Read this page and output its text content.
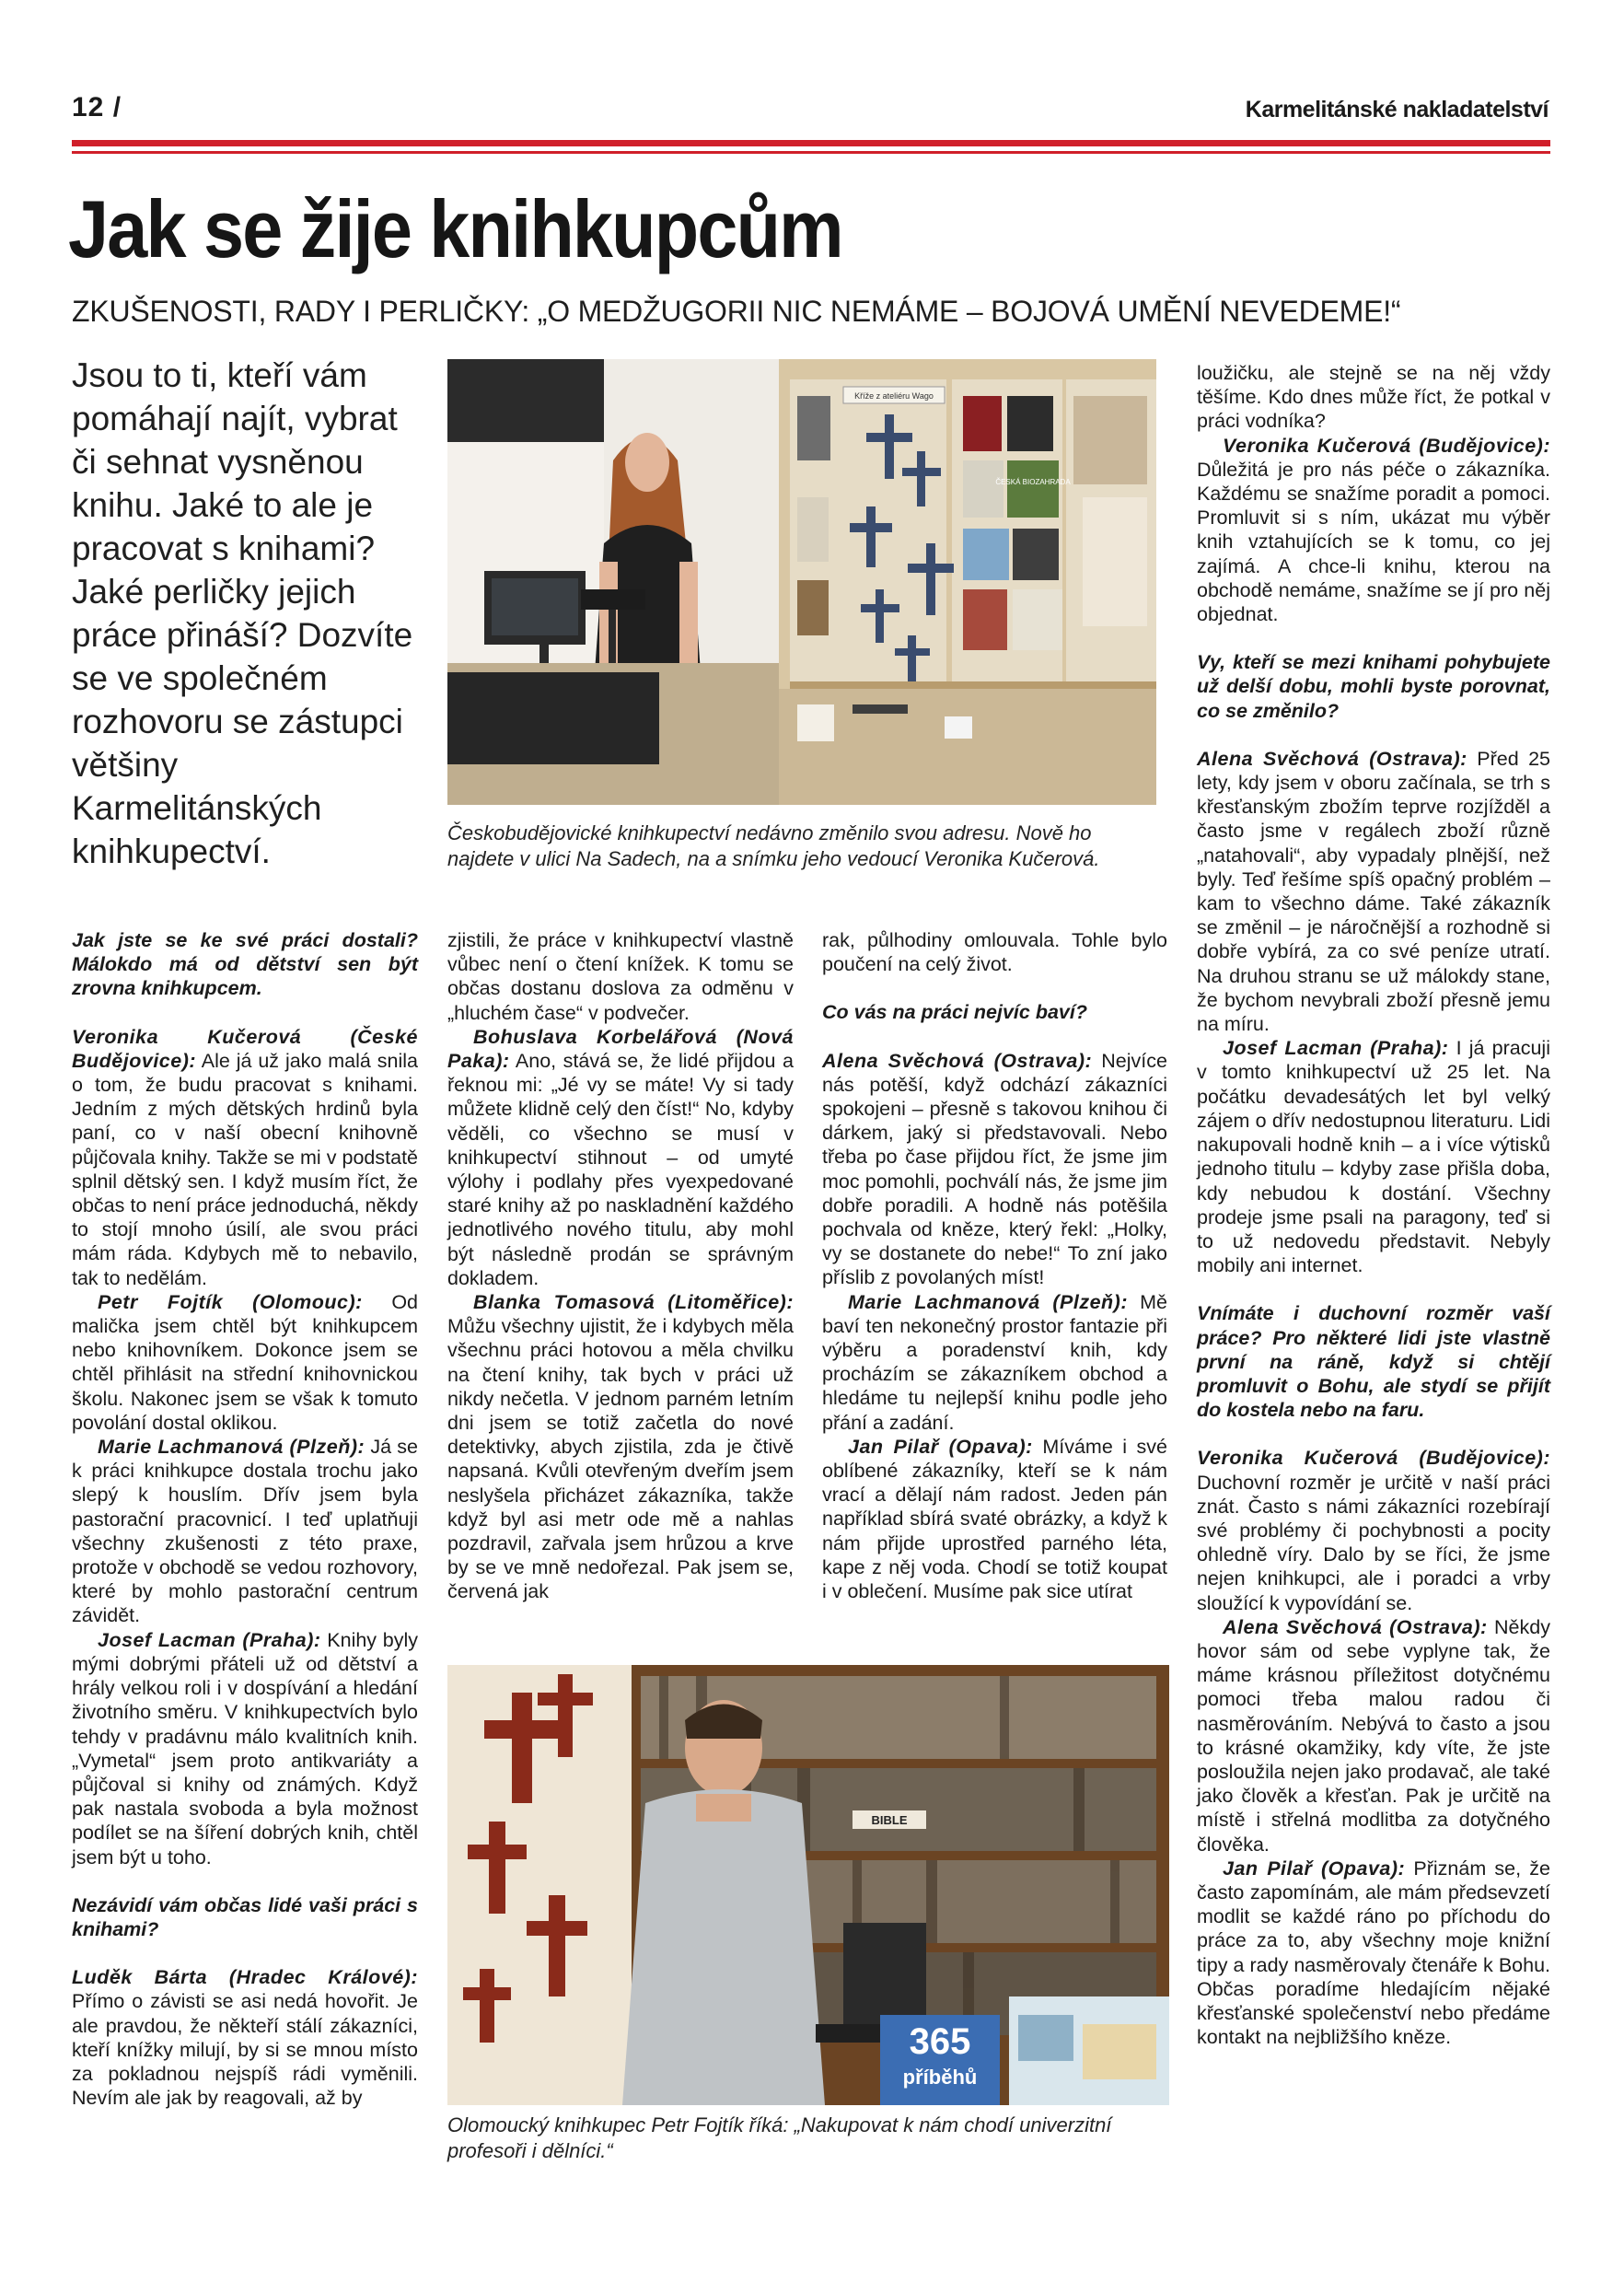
12 /	Karmelitánské nakladatelství
Jak se žije knihkupcům
ZKUŠENOSTI, RADY I PERLIČKY: „O MEDŽUGORII NIC NEMÁME – BOJOVÁ UMĚNÍ NEVEDEME!“
Jsou to ti, kteří vám pomáhají najít, vybrat či sehnat vysněnou knihu. Jaké to ale je pracovat s knihami? Jaké perličky jejich práce přináší? Dozvíte se ve společném rozhovoru se zástupci většiny Karmelitánských knihkupectví.
Kříže z ateliéru Wago
ČESKÁ BIOZAHRADA
Českobudějovické knihkupectví nedávno změnilo svou adresu. Nově ho najdete v ulici Na Sadech, na a snímku jeho vedoucí Veronika Kučerová.

Jak jste se ke své práci dostali? Málokdo má od dětství sen být zrovna knihkupcem.

Veronika Kučerová (České Budějovice): Ale já už jako malá snila o tom, že budu pracovat s knihami. Jedním z mých dětských hrdinů byla paní, co v naší obecní knihovně půjčovala knihy. Takže se mi v podstatě splnil dětský sen. I když musím říct, že občas to není práce jednoduchá, někdy to stojí mnoho úsilí, ale svou práci mám ráda. Kdybych mě to nebavilo, tak to nedělám.

Petr Fojtík (Olomouc): Od malička jsem chtěl být knihkupcem nebo knihovníkem. Dokonce jsem se chtěl přihlásit na střední knihovnickou školu. Nakonec jsem se však k tomuto povolání dostal oklikou.

Marie Lachmanová (Plzeň): Já se k práci knihkupce dostala trochu jako slepý k houslím. Dřív jsem byla pastorační pracovnicí. I teď uplatňuji všechny zkušenosti z této praxe, protože v obchodě se vedou rozhovory, které by mohlo pastorační centrum závidět.

Josef Lacman (Praha): Knihy byly mými dobrými přáteli už od dětství a hrály velkou roli i v dospívání a hledání životního směru. V knihkupectvích bylo tehdy v pradávnu málo kvalitních knih. „Vymetal“ jsem proto antikvariáty a půjčoval si knihy od známých. Když pak nastala svoboda a byla možnost podílet se na šíření dobrých knih, chtěl jsem být u toho.

Nezávidí vám občas lidé vaši práci s knihami?

Luděk Bárta (Hradec Králové): Přímo o závisti se asi nedá hovořit. Je ale pravdou, že někteří stálí zákazníci, kteří knížky milují, by si se mnou místo za pokladnou nejspíš rádi vyměnili. Nevím ale jak by reagovali, až by

zjistili, že práce v knihkupectví vlastně vůbec není o čtení knížek. K tomu se občas dostanu doslova za odměnu v „hluchém čase“ v podvečer.

Bohuslava Korbelářová (Nová Paka): Ano, stává se, že lidé přijdou a řeknou mi: „Jé vy se máte! Vy si tady můžete klidně celý den číst!“ No, kdyby věděli, co všechno se musí v knihkupectví stihnout – od umyté výlohy i podlahy přes vyexpedované staré knihy až po naskladnění každého jednotlivého nového titulu, aby mohl být následně prodán se správným dokladem.

Blanka Tomasová (Litoměřice): Můžu všechny ujistit, že i kdybych měla všechnu práci hotovou a měla chvilku na čtení knihy, tak bych v práci už nikdy nečetla. V jednom parném letním dni jsem se totiž začetla do nové detektivky, abych zjistila, zda je čtivě napsaná. Kvůli otevřeným dveřím jsem neslyšela přicházet zákazníka, takže když byl asi metr ode mě a nahlas pozdravil, zařvala jsem hrůzou a krve by se ve mně nedořezal. Pak jsem se, červená jak

rak, půlhodiny omlouvala. Tohle bylo poučení na celý život.

Co vás na práci nejvíc baví?

Alena Svěchová (Ostrava): Nejvíce nás potěší, když odchází zákazníci spokojeni – přesně s takovou knihou či dárkem, jaký si představovali. Nebo třeba po čase přijdou říct, že jsme jim moc pomohli, pochválí nás, že jsme jim dobře poradili. A hodně nás potěšila pochvala od kněze, který řekl: „Holky, vy se dostanete do nebe!“ To zní jako příslib z povolaných míst!

Marie Lachmanová (Plzeň): Mě baví ten nekonečný prostor fantazie při výběru a poradenství knih, kdy procházím se zákazníkem obchod a hledáme tu nejlepší knihu podle jeho přání a zadání.

Jan Pilař (Opava): Míváme i své oblíbené zákazníky, kteří se k nám vrací a dělají nám radost. Jeden pán například sbírá svaté obrázky, a když k nám přijde uprostřed parného léta, kape z něj voda. Chodí se totiž koupat i v oblečení. Musíme pak sice utírat

loužičku, ale stejně se na něj vždy těšíme. Kdo dnes může říct, že potkal v práci vodníka?

Veronika Kučerová (Budějovice): Důležitá je pro nás péče o zákazníka. Každému se snažíme poradit a pomoci. Promluvit si s ním, ukázat mu výběr knih vztahujících se k tomu, co jej zajímá. A chce-li knihu, kterou na obchodě nemáme, snažíme se jí pro něj objednat.

Vy, kteří se mezi knihami pohybujete už delší dobu, mohli byste porovnat, co se změnilo?

Alena Svěchová (Ostrava): Před 25 lety, kdy jsem v oboru začínala, se trh s křesťanským zbožím teprve rozjížděl a často jsme v regálech zboží různě „natahovali“, aby vypadaly plnější, než byly. Teď řešíme spíš opačný problém – kam to všechno dáme. Také zákazník se změnil – je náročnější a rozhodně si dobře vybírá, za co své peníze utratí. Na druhou stranu se už málokdy stane, že bychom nevybrali zboží přesně jemu na míru.

Josef Lacman (Praha): I já pracuji v tomto knihkupectví už 25 let. Na počátku devadesátých let byl velký zájem o dřív nedostupnou literaturu. Lidi nakupovali hodně knih – a i více výtisků jednoho titulu – kdyby zase přišla doba, kdy nebudou k dostání. Všechny prodeje jsme psali na paragony, teď si to už nedovedu představit. Nebyly mobily ani internet.

Vnímáte i duchovní rozměr vaší práce? Pro některé lidi jste vlastně první na ráně, když si chtějí promluvit o Bohu, ale stydí se přijít do kostela nebo na faru.

Veronika Kučerová (Budějovice): Duchovní rozměr je určitě v naší práci znát. Často s námi zákazníci rozebírají své problémy či pochybnosti a pocity ohledně víry. Dalo by se říci, že jsme nejen knihkupci, ale i poradci a vrby sloužící k vypovídání se.

Alena Svěchová (Ostrava): Někdy hovor sám od sebe vyplyne tak, že máme krásnou příležitost dotyčnému pomoci třeba malou radou či nasměrováním. Nebývá to často a jsou to krásné okamžiky, kdy víte, že jste posloužila nejen jako prodavač, ale také jako člověk a křesťan. Pak je určitě na místě i střelná modlitba za dotyčného člověka.

Jan Pilař (Opava): Přiznám se, že často zapomínám, ale mám předsevzetí modlit se každé ráno po příchodu do práce za to, aby všechny moje knižní tipy a rady nasměrovaly čtenáře k Bohu. Občas poradíme hledajícím nějaké křesťanské společenství nebo předáme kontakt na nejbližšího kněze.

BIBLE
365
příběhů
Olomoucký knihkupec Petr Fojtík říká: „Nakupovat k nám chodí univerzitní profesoři i dělníci.“
